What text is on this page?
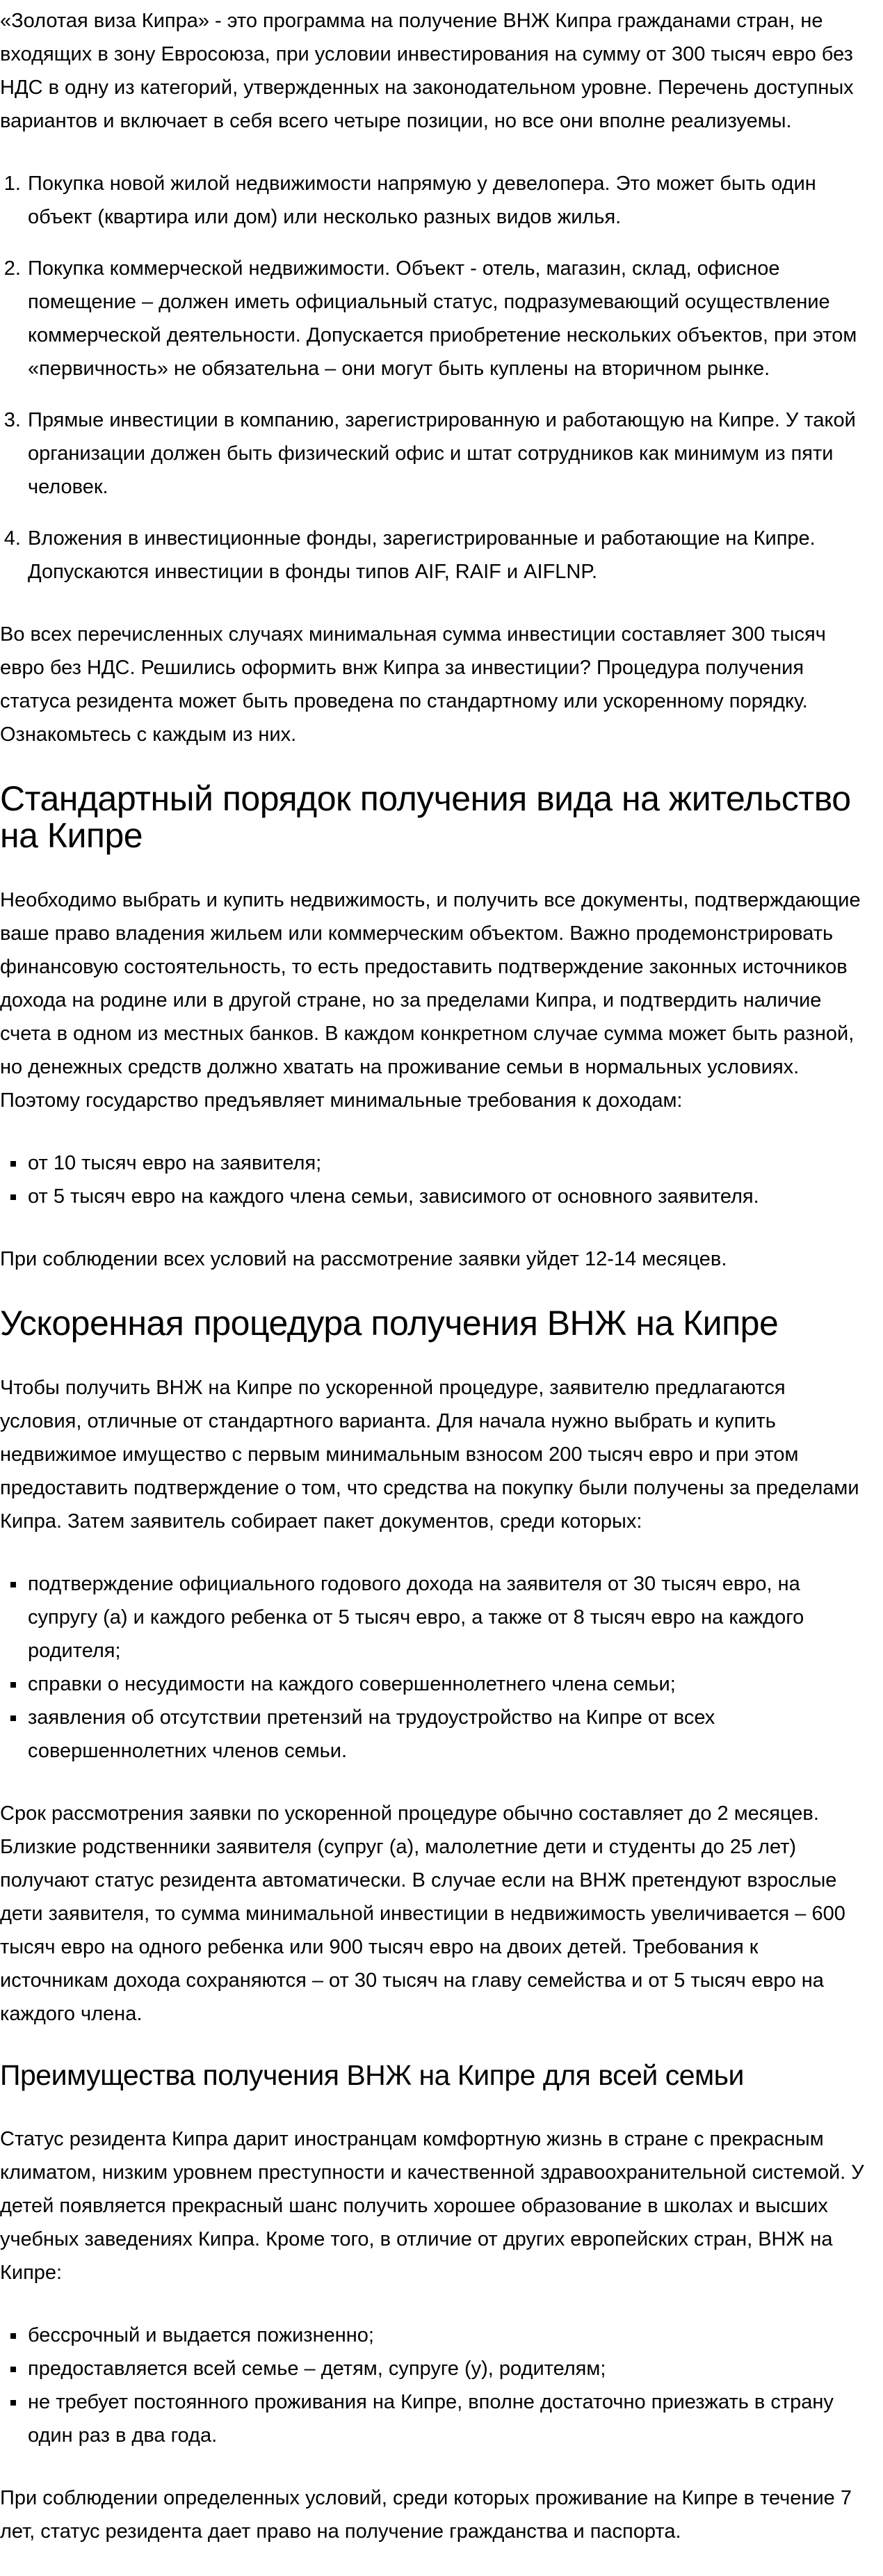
«Золотая виза Кипра» - это программа на получение ВНЖ Кипра гражданами стран, не входящих в зону Евросоюза, при условии инвестирования на сумму от 300 тысяч евро без НДС в одну из категорий, утвержденных на законодательном уровне. Перечень доступных вариантов и включает в себя всего четыре позиции, но все они вполне реализуемы.

1. Покупка новой жилой недвижимости напрямую у девелопера. Это может быть один объект (квартира или дом) или несколько разных видов жилья.
2. Покупка коммерческой недвижимости. Объект - отель, магазин, склад, офисное помещение – должен иметь официальный статус, подразумевающий осуществление коммерческой деятельности. Допускается приобретение нескольких объектов, при этом «первичность» не обязательна – они могут быть куплены на вторичном рынке.
3. Прямые инвестиции в компанию, зарегистрированную и работающую на Кипре. У такой организации должен быть физический офис и штат сотрудников как минимум из пяти человек.
4. Вложения в инвестиционные фонды, зарегистрированные и работающие на Кипре. Допускаются инвестиции в фонды типов AIF, RAIF и AIFLNP.

Во всех перечисленных случаях минимальная сумма инвестиции составляет 300 тысяч евро без НДС. Решились оформить внж Кипра за инвестиции? Процедура получения статуса резидента может быть проведена по стандартному или ускоренному порядку. Ознакомьтесь с каждым из них.

Стандартный порядок получения вида на жительство на Кипре

Необходимо выбрать и купить недвижимость, и получить все документы, подтверждающие ваше право владения жильем или коммерческим объектом. Важно продемонстрировать финансовую состоятельность, то есть предоставить подтверждение законных источников дохода на родине или в другой стране, но за пределами Кипра, и подтвердить наличие счета в одном из местных банков. В каждом конкретном случае сумма может быть разной, но денежных средств должно хватать на проживание семьи в нормальных условиях. Поэтому государство предъявляет минимальные требования к доходам:

▪ от 10 тысяч евро на заявителя;
▪ от 5 тысяч евро на каждого члена семьи, зависимого от основного заявителя.

При соблюдении всех условий на рассмотрение заявки уйдет 12-14 месяцев.

Ускоренная процедура получения ВНЖ на Кипре

Чтобы получить ВНЖ на Кипре по ускоренной процедуре, заявителю предлагаются условия, отличные от стандартного варианта. Для начала нужно выбрать и купить недвижимое имущество с первым минимальным взносом 200 тысяч евро и при этом предоставить подтверждение о том, что средства на покупку были получены за пределами Кипра. Затем заявитель собирает пакет документов, среди которых:

▪ подтверждение официального годового дохода на заявителя от 30 тысяч евро, на супругу (а) и каждого ребенка от 5 тысяч евро, а также от 8 тысяч евро на каждого родителя;
▪ справки о несудимости на каждого совершеннолетнего члена семьи;
▪ заявления об отсутствии претензий на трудоустройство на Кипре от всех совершеннолетних членов семьи.

Срок рассмотрения заявки по ускоренной процедуре обычно составляет до 2 месяцев. Близкие родственники заявителя (супруг (а), малолетние дети и студенты до 25 лет) получают статус резидента автоматически. В случае если на ВНЖ претендуют взрослые дети заявителя, то сумма минимальной инвестиции в недвижимость увеличивается – 600 тысяч евро на одного ребенка или 900 тысяч евро на двоих детей. Требования к источникам дохода сохраняются – от 30 тысяч на главу семейства и от 5 тысяч евро на каждого члена.

Преимущества получения ВНЖ на Кипре для всей семьи

Статус резидента Кипра дарит иностранцам комфортную жизнь в стране с прекрасным климатом, низким уровнем преступности и качественной здравоохранительной системой. У детей появляется прекрасный шанс получить хорошее образование в школах и высших учебных заведениях Кипра. Кроме того, в отличие от других европейских стран, ВНЖ на Кипре:

▪ бессрочный и выдается пожизненно;
▪ предоставляется всей семье – детям, супруге (у), родителям;
▪ не требует постоянного проживания на Кипре, вполне достаточно приезжать в страну один раз в два года.

При соблюдении определенных условий, среди которых проживание на Кипре в течение 7 лет, статус резидента дает право на получение гражданства и паспорта.
